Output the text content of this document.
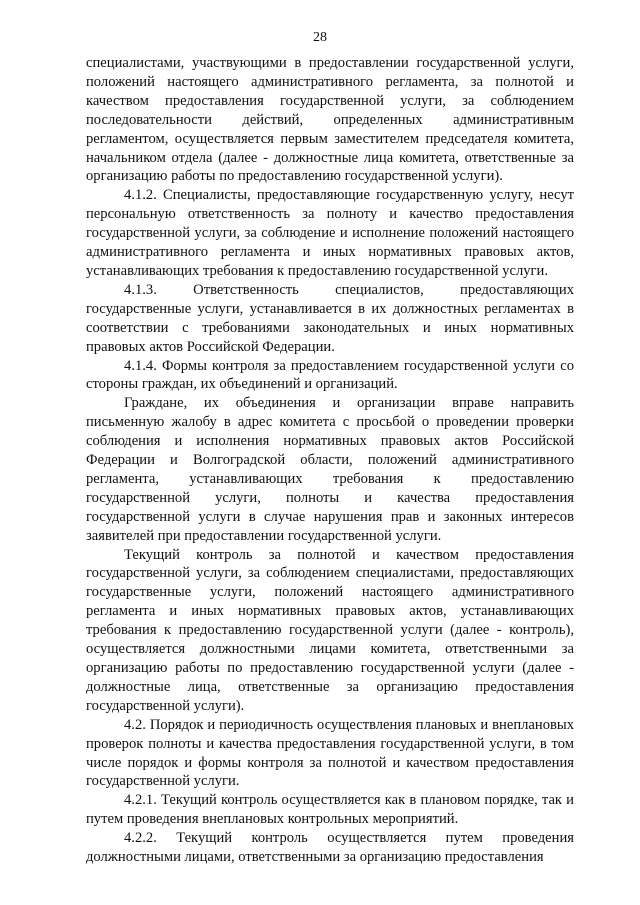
28

специалистами, участвующими в предоставлении государственной услуги, положений настоящего административного регламента, за полнотой и качеством предоставления государственной услуги, за соблюдением последовательности действий, определенных административным регламентом, осуществляется первым заместителем председателя комитета, начальником отдела (далее - должностные лица комитета, ответственные за организацию работы по предоставлению государственной услуги).

4.1.2. Специалисты, предоставляющие государственную услугу, несут персональную ответственность за полноту и качество предоставления государственной услуги, за соблюдение и исполнение положений настоящего административного регламента и иных нормативных правовых актов, устанавливающих требования к предоставлению государственной услуги.

4.1.3. Ответственность специалистов, предоставляющих государственные услуги, устанавливается в их должностных регламентах в соответствии с требованиями законодательных и иных нормативных правовых актов Российской Федерации.

4.1.4. Формы контроля за предоставлением государственной услуги со стороны граждан, их объединений и организаций.

Граждане, их объединения и организации вправе направить письменную жалобу в адрес комитета с просьбой о проведении проверки соблюдения и исполнения нормативных правовых актов Российской Федерации и Волгоградской области, положений административного регламента, устанавливающих требования к предоставлению государственной услуги, полноты и качества предоставления государственной услуги в случае нарушения прав и законных интересов заявителей при предоставлении государственной услуги.

Текущий контроль за полнотой и качеством предоставления государственной услуги, за соблюдением специалистами, предоставляющих государственные услуги, положений настоящего административного регламента и иных нормативных правовых актов, устанавливающих требования к предоставлению государственной услуги (далее - контроль), осуществляется должностными лицами комитета, ответственными за организацию работы по предоставлению государственной услуги (далее - должностные лица, ответственные за организацию предоставления государственной услуги).

4.2. Порядок и периодичность осуществления плановых и внеплановых проверок полноты и качества предоставления государственной услуги, в том числе порядок и формы контроля за полнотой и качеством предоставления государственной услуги.

4.2.1. Текущий контроль осуществляется как в плановом порядке, так и путем проведения внеплановых контрольных мероприятий.

4.2.2. Текущий контроль осуществляется путем проведения должностными лицами, ответственными за организацию предоставления
